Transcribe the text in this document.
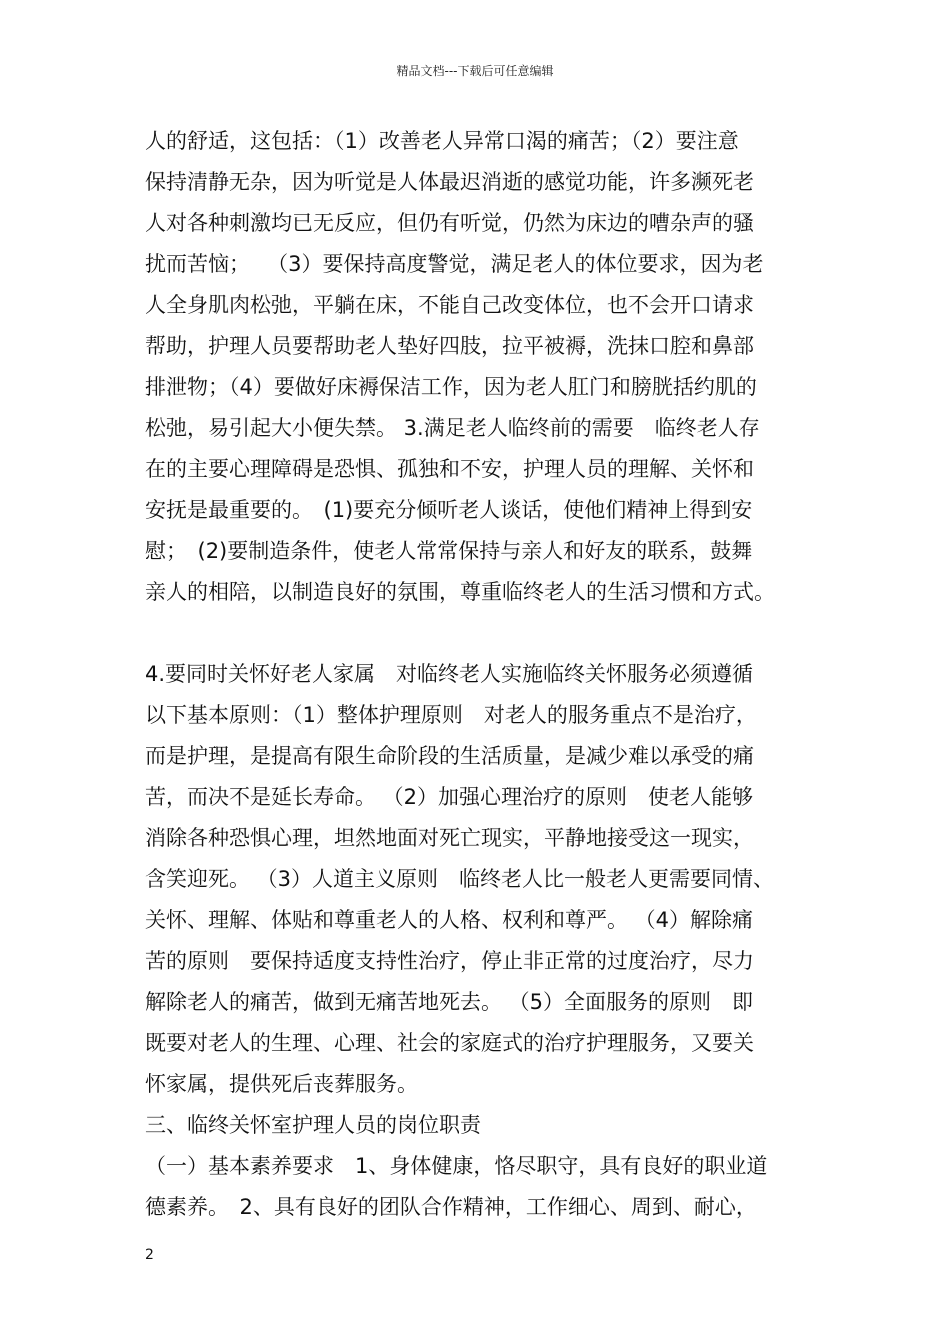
精品文档---下载后可任意编辑
人的舒适，这包括：（1）改善老人异常口渴的痛苦；（2）要注意
保持清静无杂，因为听觉是人体最迟消逝的感觉功能，许多濒死老
人对各种刺激均已无反应，但仍有听觉，仍然为床边的嘈杂声的骚
扰而苦恼；　 （3）要保持高度警觉，满足老人的体位要求，因为老
人全身肌肉松弛，平躺在床，不能自己改变体位，也不会开口请求
帮助，护理人员要帮助老人垫好四肢，拉平被褥，洗抹口腔和鼻部
排泄物；（4）要做好床褥保洁工作，因为老人肛门和膀胱括约肌的
松弛，易引起大小便失禁。 3.满足老人临终前的需要　临终老人存
在的主要心理障碍是恐惧、孤独和不安，护理人员的理解、关怀和
安抚是最重要的。　(1)要充分倾听老人谈话，使他们精神上得到安
慰；　(2)要制造条件，使老人常常保持与亲人和好友的联系，鼓舞
亲人的相陪，以制造良好的氛围，尊重临终老人的生活习惯和方式。
4.要同时关怀好老人家属　对临终老人实施临终关怀服务必须遵循
以下基本原则：（1）整体护理原则　对老人的服务重点不是治疗，
而是护理，是提高有限生命阶段的生活质量，是减少难以承受的痛
苦，而决不是延长寿命。 （2）加强心理治疗的原则　使老人能够
消除各种恐惧心理，坦然地面对死亡现实，平静地接受这一现实，
含笑迎死。 （3）人道主义原则　临终老人比一般老人更需要同情、
关怀、理解、体贴和尊重老人的人格、权利和尊严。 （4）解除痛
苦的原则　要保持适度支持性治疗，停止非正常的过度治疗，尽力
解除老人的痛苦，做到无痛苦地死去。 （5）全面服务的原则　即
既要对老人的生理、心理、社会的家庭式的治疗护理服务，又要关
怀家属，提供死后丧葬服务。
三、临终关怀室护理人员的岗位职责
（一）基本素养要求　1、身体健康，恪尽职守，具有良好的职业道
德素养。　2、具有良好的团队合作精神，工作细心、周到、耐心，
2
